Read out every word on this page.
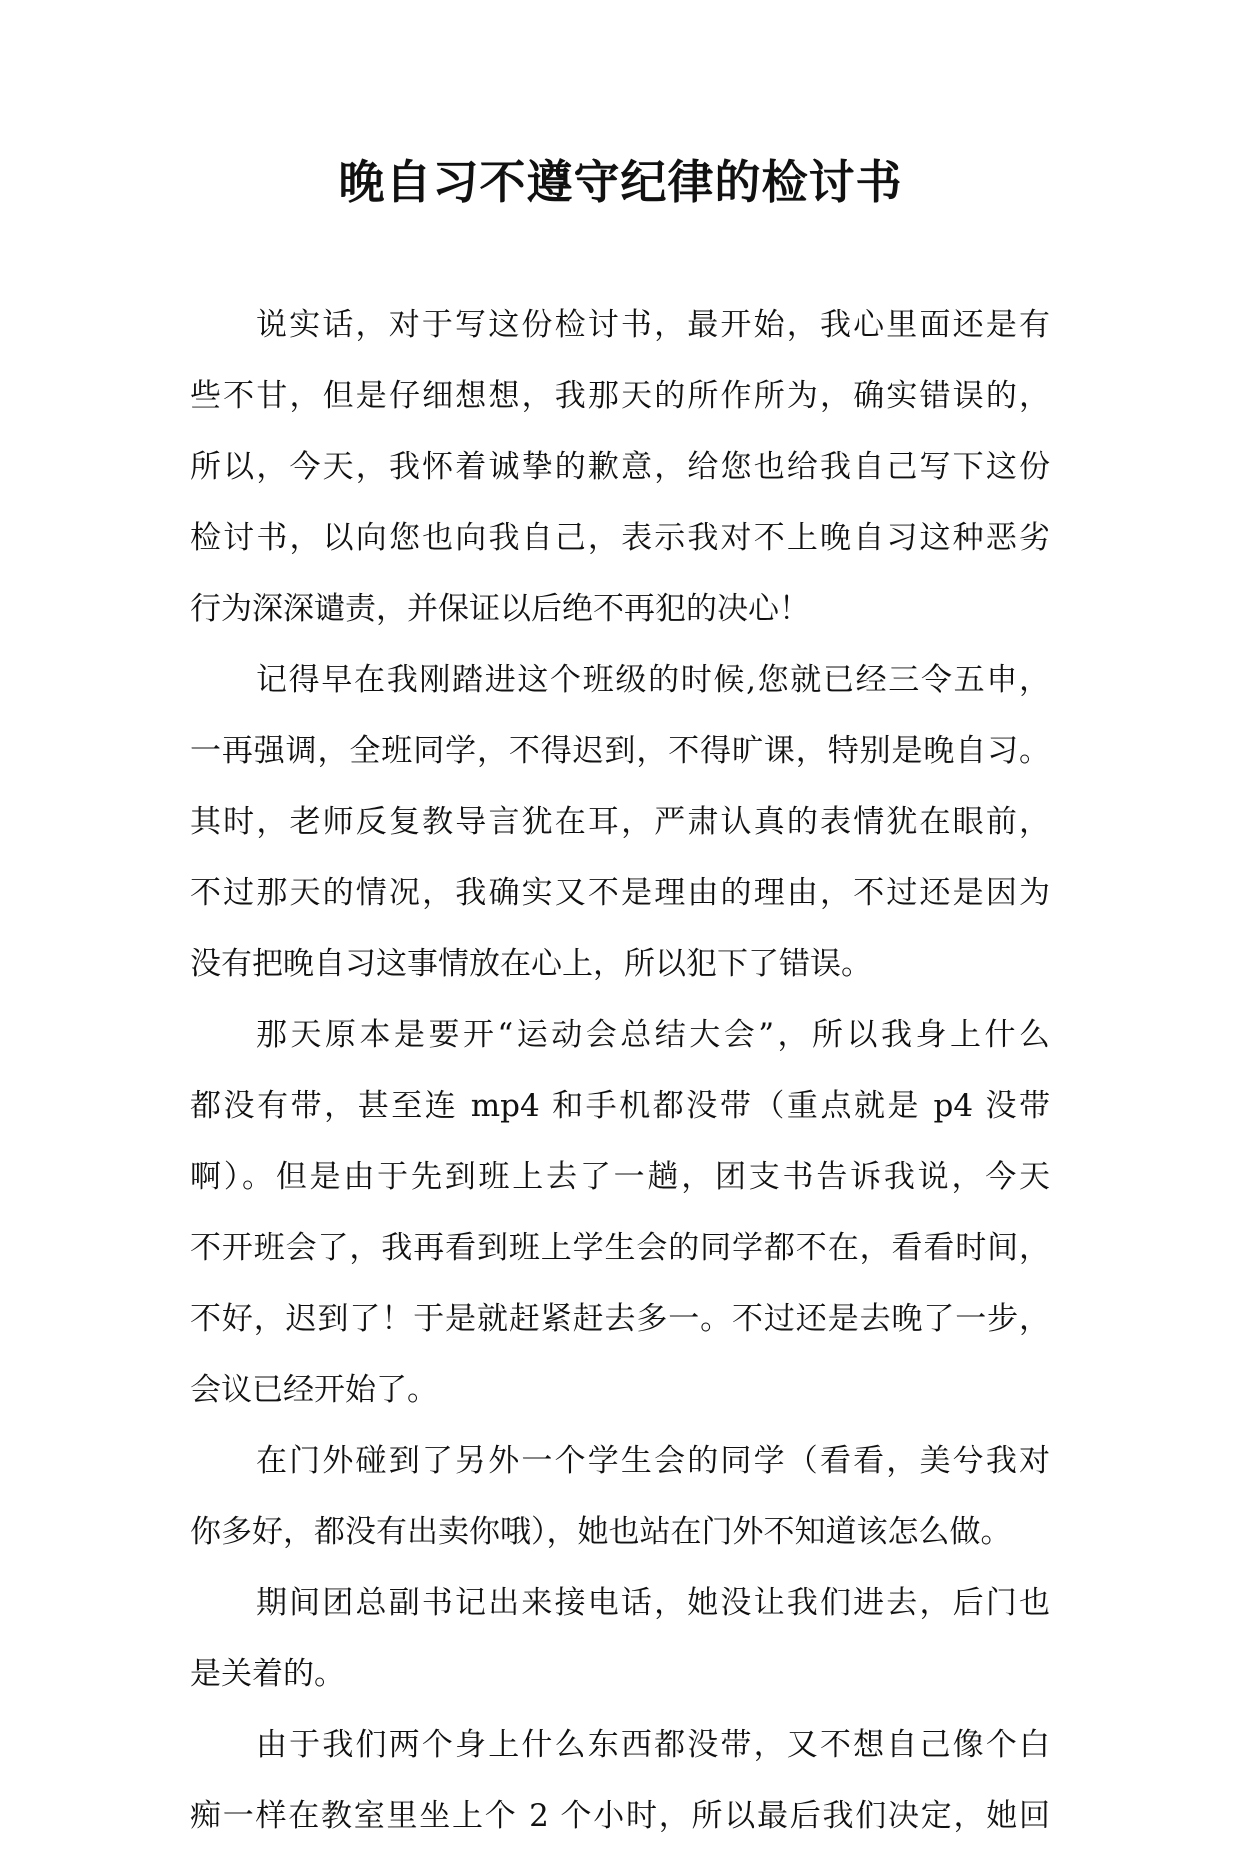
晚自习不遵守纪律的检讨书
说实话，对于写这份检讨书，最开始，我心里面还是有
些不甘，但是仔细想想，我那天的所作所为，确实错误的，
所以，今天，我怀着诚挚的歉意，给您也给我自己写下这份
检讨书，以向您也向我自己，表示我对不上晚自习这种恶劣
行为深深谴责，并保证以后绝不再犯的决心！
记得早在我刚踏进这个班级的时候,您就已经三令五申，
一再强调，全班同学，不得迟到，不得旷课，特别是晚自习。
其时，老师反复教导言犹在耳，严肃认真的表情犹在眼前，
不过那天的情况，我确实又不是理由的理由，不过还是因为
没有把晚自习这事情放在心上，所以犯下了错误。
那天原本是要开“运动会总结大会”，所以我身上什么
都没有带，甚至连 mp4 和手机都没带（重点就是 p4 没带
啊）。但是由于先到班上去了一趟，团支书告诉我说，今天
不开班会了，我再看到班上学生会的同学都不在，看看时间，
不好，迟到了！于是就赶紧赶去多一。不过还是去晚了一步，
会议已经开始了。
在门外碰到了另外一个学生会的同学（看看，美兮我对
你多好，都没有出卖你哦），她也站在门外不知道该怎么做。
期间团总副书记出来接电话，她没让我们进去，后门也
是关着的。
由于我们两个身上什么东西都没带，又不想自己像个白
痴一样在教室里坐上个 2 个小时，所以最后我们决定，她回
